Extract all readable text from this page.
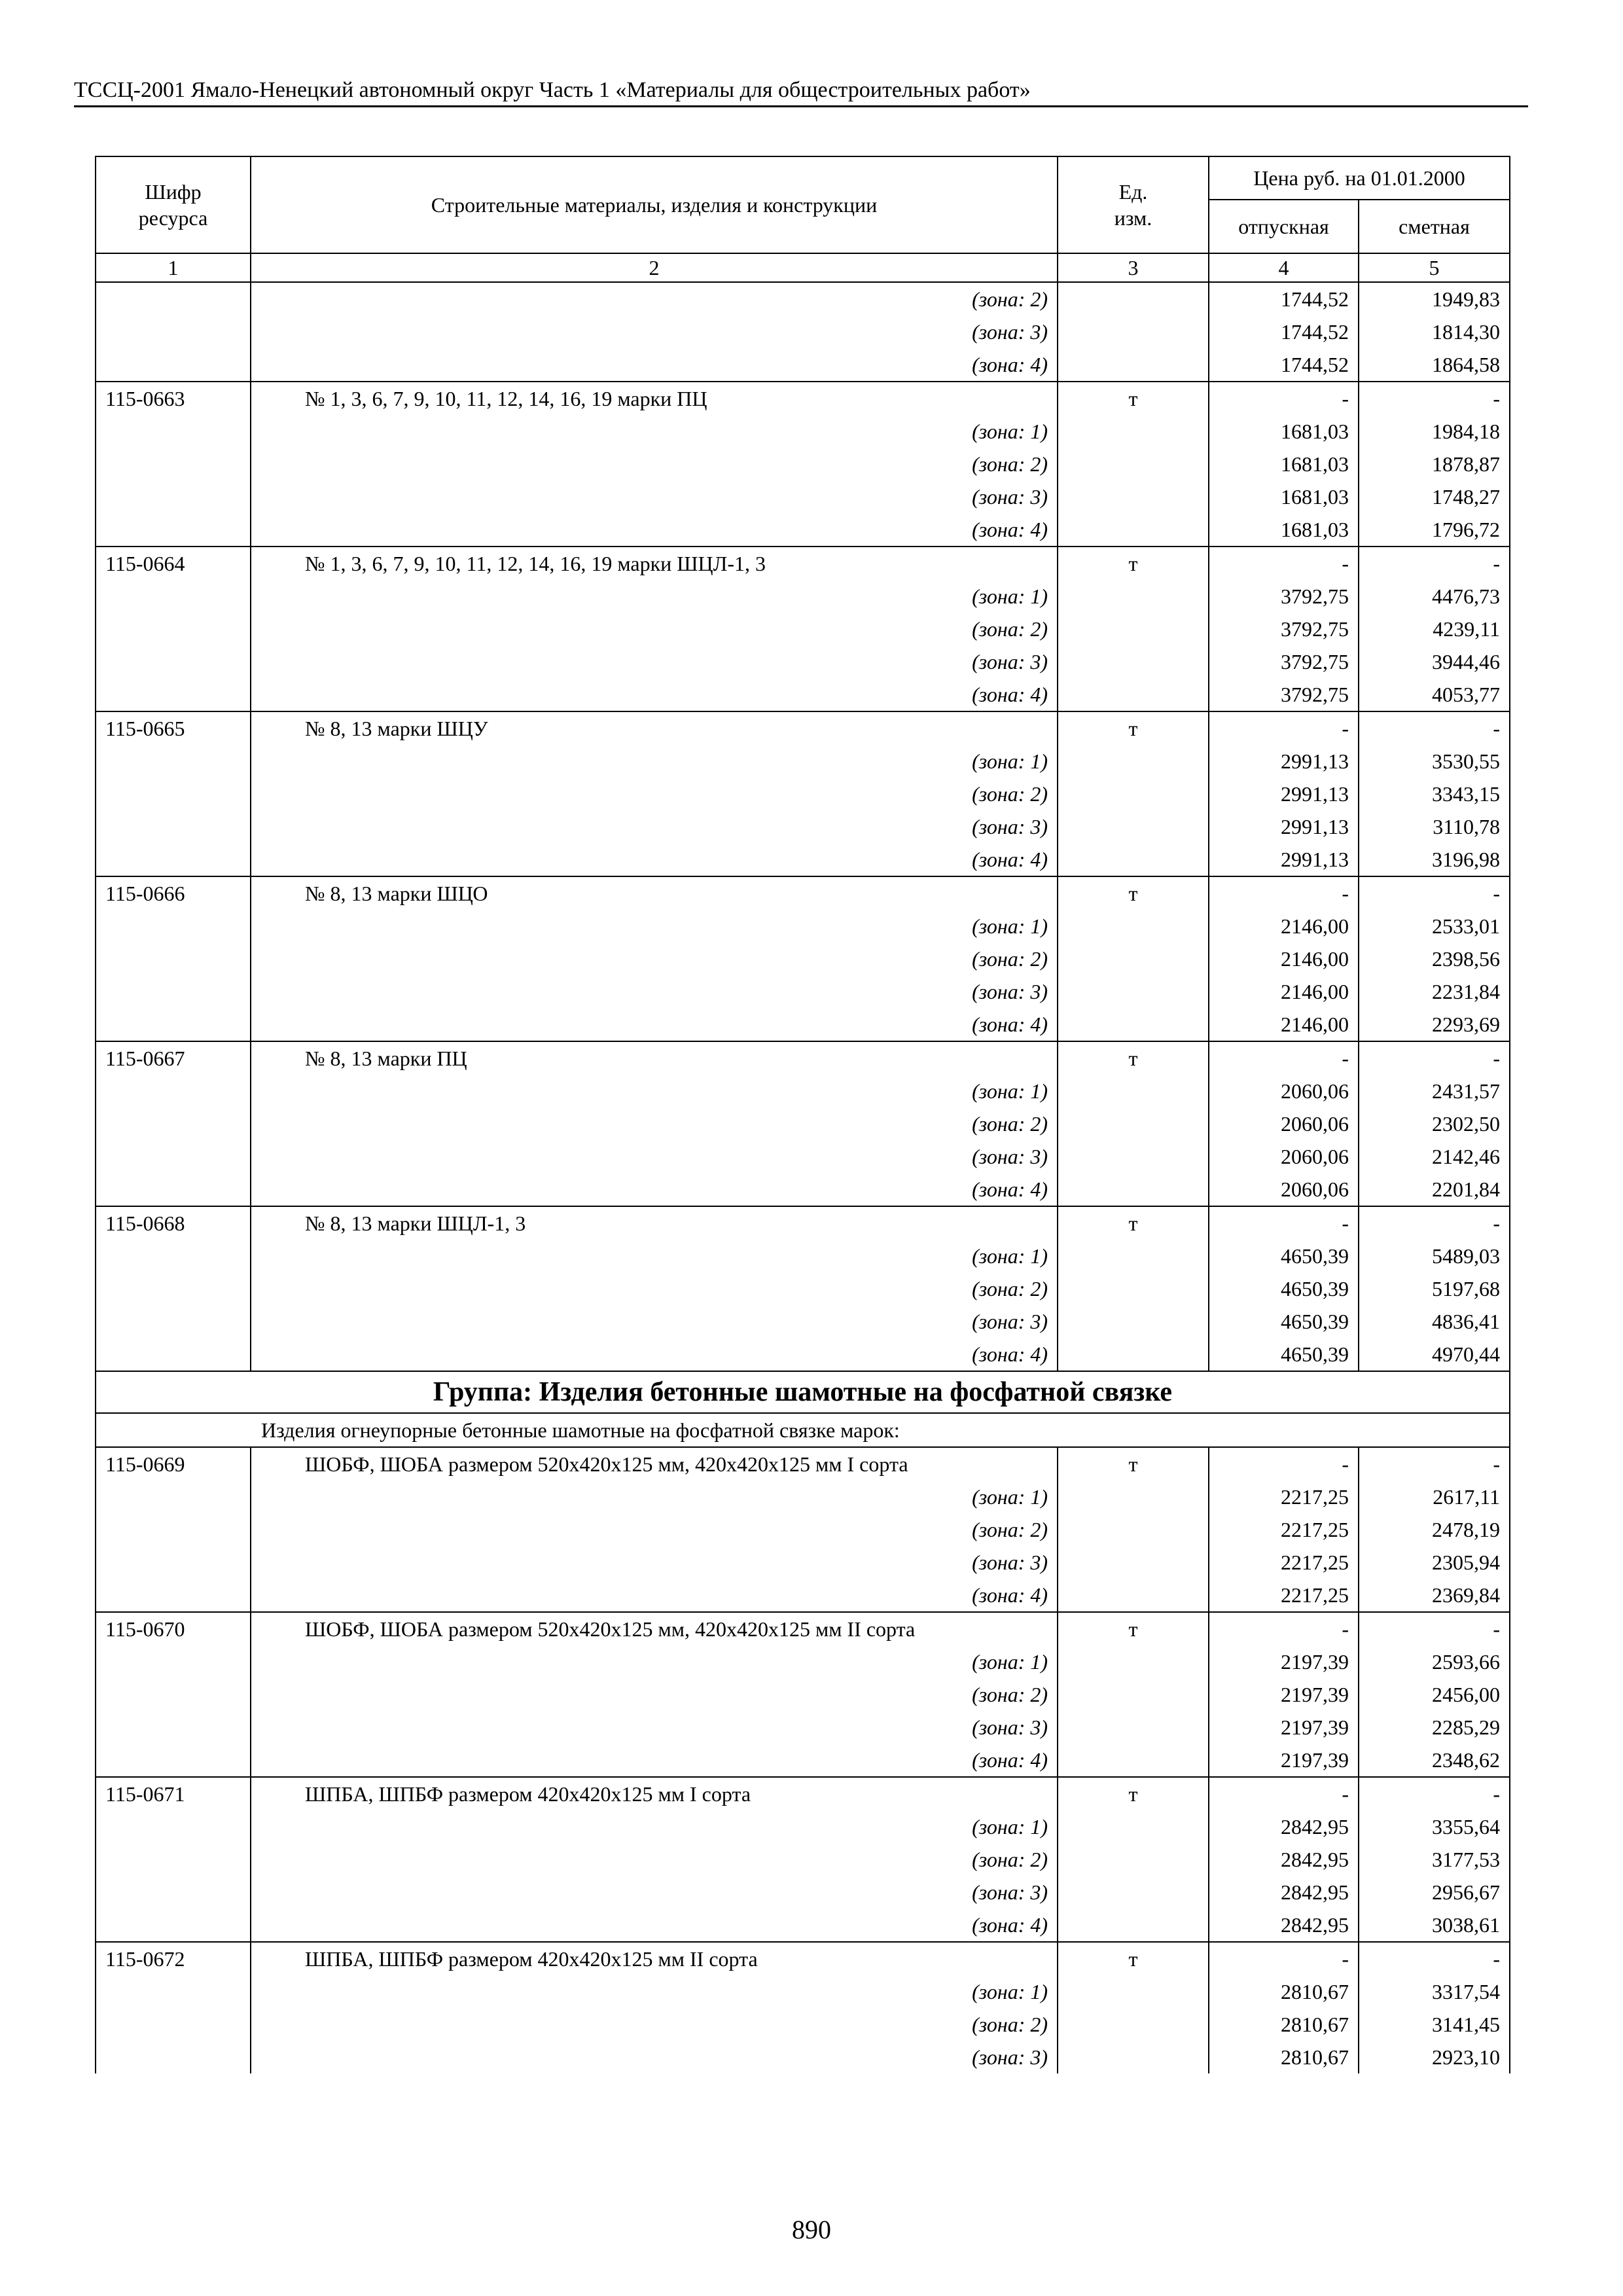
ТССЦ-2001 Ямало-Ненецкий автономный округ Часть 1 «Материалы для общестроительных работ»
Шифр ресурса	Строительные материалы, изделия и конструкции	Ед. изм.	Цена руб. на 01.01.2000	
			отпускная	сметная
1	2	3	4	5
	(зона: 2)		1744,52	1949,83
	(зона: 3)		1744,52	1814,30
	(зона: 4)		1744,52	1864,58
115-0663	№ 1, 3, 6, 7, 9, 10, 11, 12, 14, 16, 19 марки ПЦ	т	-	-
	(зона: 1)		1681,03	1984,18
	(зона: 2)		1681,03	1878,87
	(зона: 3)		1681,03	1748,27
	(зона: 4)		1681,03	1796,72
115-0664	№ 1, 3, 6, 7, 9, 10, 11, 12, 14, 16, 19 марки ШЦЛ-1, 3	т	-	-
	(зона: 1)		3792,75	4476,73
	(зона: 2)		3792,75	4239,11
	(зона: 3)		3792,75	3944,46
	(зона: 4)		3792,75	4053,77
115-0665	№ 8, 13 марки ШЦУ	т	-	-
	(зона: 1)		2991,13	3530,55
	(зона: 2)		2991,13	3343,15
	(зона: 3)		2991,13	3110,78
	(зона: 4)		2991,13	3196,98
115-0666	№ 8, 13 марки ШЦО	т	-	-
	(зона: 1)		2146,00	2533,01
	(зона: 2)		2146,00	2398,56
	(зона: 3)		2146,00	2231,84
	(зона: 4)		2146,00	2293,69
115-0667	№ 8, 13 марки ПЦ	т	-	-
	(зона: 1)		2060,06	2431,57
	(зона: 2)		2060,06	2302,50
	(зона: 3)		2060,06	2142,46
	(зона: 4)		2060,06	2201,84
115-0668	№ 8, 13 марки ШЦЛ-1, 3	т	-	-
	(зона: 1)		4650,39	5489,03
	(зона: 2)		4650,39	5197,68
	(зона: 3)		4650,39	4836,41
	(зона: 4)		4650,39	4970,44
Группа: Изделия бетонные шамотные на фосфатной связке				
Изделия огнеупорные бетонные шамотные на фосфатной связке марок:				
115-0669	ШОБФ, ШОБА размером 520х420х125 мм, 420х420х125 мм I сорта	т	-	-
	(зона: 1)		2217,25	2617,11
	(зона: 2)		2217,25	2478,19
	(зона: 3)		2217,25	2305,94
	(зона: 4)		2217,25	2369,84
115-0670	ШОБФ, ШОБА размером 520х420х125 мм, 420х420х125 мм II сорта	т	-	-
	(зона: 1)		2197,39	2593,66
	(зона: 2)		2197,39	2456,00
	(зона: 3)		2197,39	2285,29
	(зона: 4)		2197,39	2348,62
115-0671	ШПБА, ШПБФ размером 420х420х125 мм I сорта	т	-	-
	(зона: 1)		2842,95	3355,64
	(зона: 2)		2842,95	3177,53
	(зона: 3)		2842,95	2956,67
	(зона: 4)		2842,95	3038,61
115-0672	ШПБА, ШПБФ размером 420х420х125 мм II сорта	т	-	-
	(зона: 1)		2810,67	3317,54
	(зона: 2)		2810,67	3141,45
	(зона: 3)		2810,67	2923,10
890
